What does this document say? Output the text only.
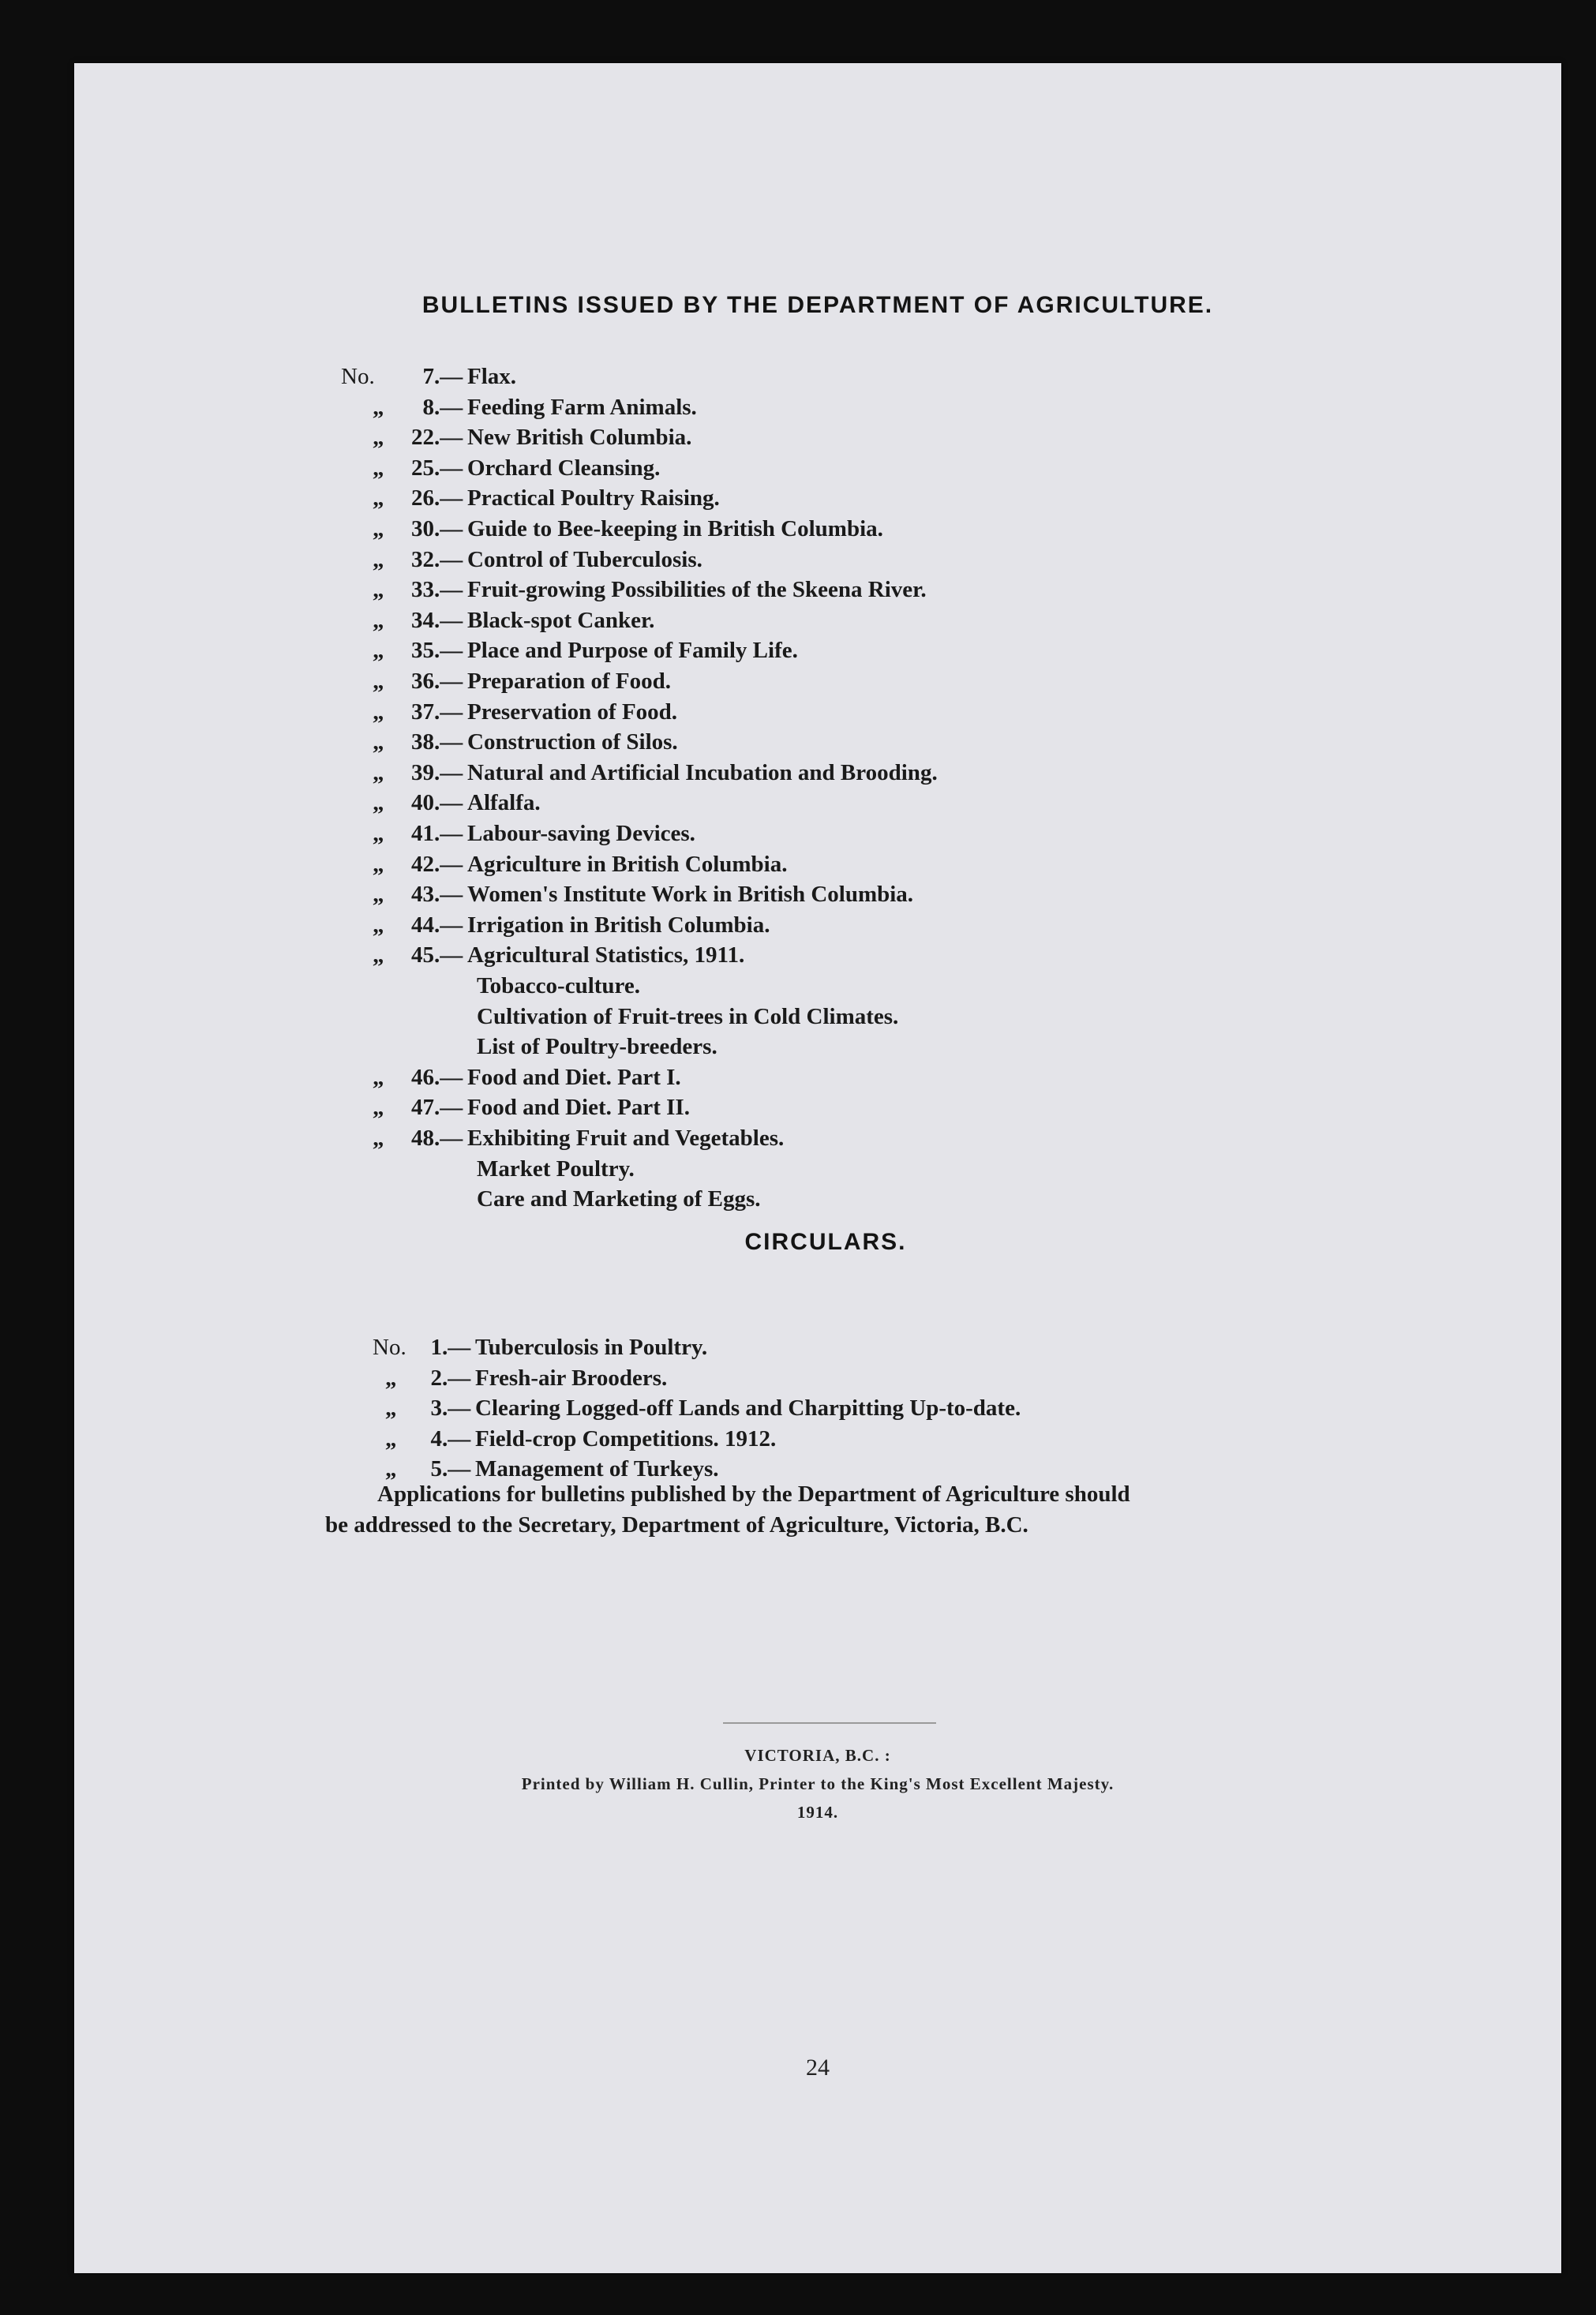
BULLETINS ISSUED BY THE DEPARTMENT OF AGRICULTURE.
No.	7 .— Flax.
„	8 .— Feeding Farm Animals.
„	22 .— New British Columbia.
„	25 .— Orchard Cleansing.
„	26 .— Practical Poultry Raising.
„	30 .— Guide to Bee-keeping in British Columbia.
„	32 .— Control of Tuberculosis.
„	33 .— Fruit-growing Possibilities of the Skeena River.
„	34 .— Black-spot Canker.
„	35 .— Place and Purpose of Family Life.
„	36 .— Preparation of Food.
„	37 .— Preservation of Food.
„	38 .— Construction of Silos.
„	39 .— Natural and Artificial Incubation and Brooding.
„	40 .— Alfalfa.
„	41 .— Labour-saving Devices.
„	42 .— Agriculture in British Columbia.
„	43 .— Women's Institute Work in British Columbia.
„	44 .— Irrigation in British Columbia.
„	45 .— Agricultural Statistics, 1911.
Tobacco-culture.
Cultivation of Fruit-trees in Cold Climates.
List of Poultry-breeders.
„	46 .— Food and Diet. Part I.
„	47 .— Food and Diet. Part II.
„	48 .— Exhibiting Fruit and Vegetables.
Market Poultry.
Care and Marketing of Eggs.
CIRCULARS.
No.	1 .— Tuberculosis in Poultry.
„	2 .— Fresh-air Brooders.
„	3 .— Clearing Logged-off Lands and Charpitting Up-to-date.
„	4 .— Field-crop Competitions. 1912.
„	5 .— Management of Turkeys.
Applications for bulletins published by the Department of Agriculture should
be addressed to the Secretary, Department of Agriculture, Victoria, B.C.
VICTORIA, B.C. :
Printed by William H. Cullin, Printer to the King's Most Excellent Majesty.
1914.
24
